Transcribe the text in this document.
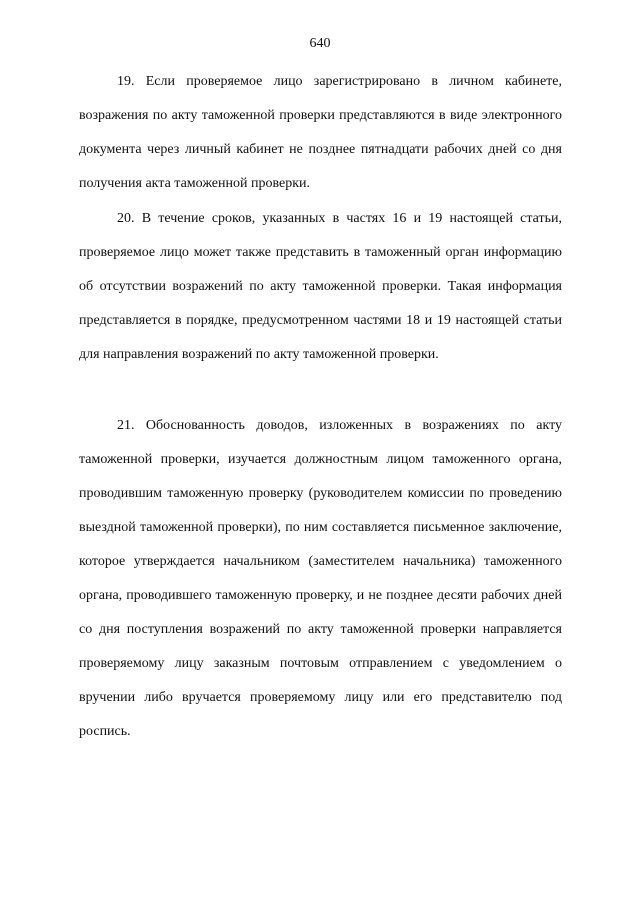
640

19. Если проверяемое лицо зарегистрировано в личном кабинете, возражения по акту таможенной проверки представляются в виде электронного документа через личный кабинет не позднее пятнадцати рабочих дней со дня получения акта таможенной проверки.

20. В течение сроков, указанных в частях 16 и 19 настоящей статьи, проверяемое лицо может также представить в таможенный орган информацию об отсутствии возражений по акту таможенной проверки. Такая информация представляется в порядке, предусмотренном частями 18 и 19 настоящей статьи для направления возражений по акту таможенной проверки.

21. Обоснованность доводов, изложенных в возражениях по акту таможенной проверки, изучается должностным лицом таможенного органа, проводившим таможенную проверку (руководителем комиссии по проведению выездной таможенной проверки), по ним составляется письменное заключение, которое утверждается начальником (заместителем начальника) таможенного органа, проводившего таможенную проверку, и не позднее десяти рабочих дней со дня поступления возражений по акту таможенной проверки направляется проверяемому лицу заказным почтовым отправлением с уведомлением о вручении либо вручается проверяемому лицу или его представителю под роспись.
